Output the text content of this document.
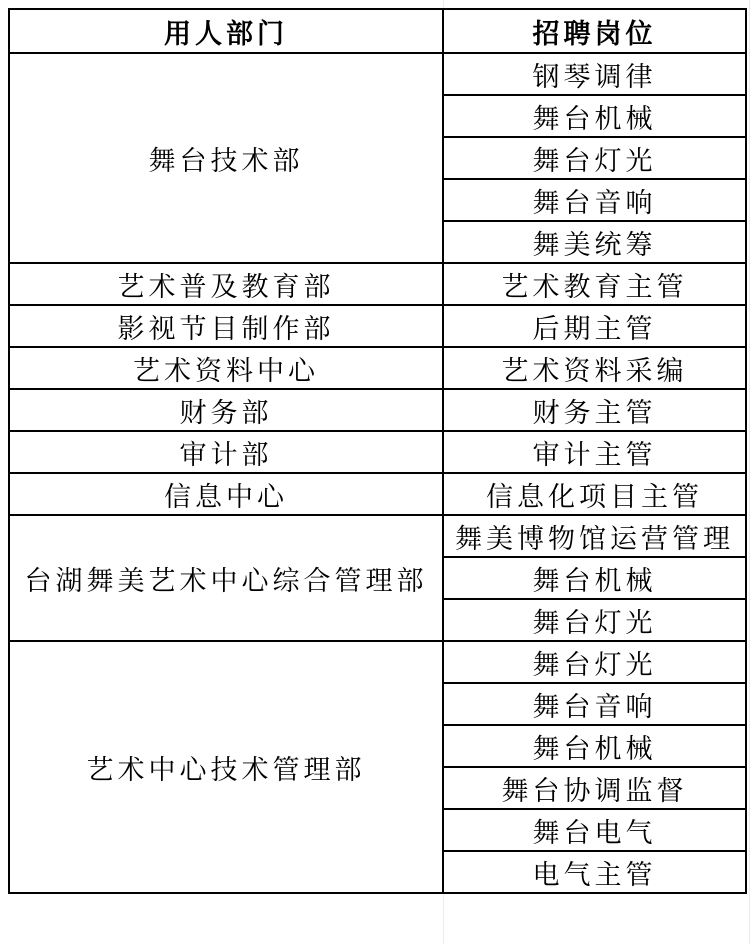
用人部门	招聘岗位
舞台技术部	钢琴调律
	舞台机械
	舞台灯光
	舞台音响
	舞美统筹
艺术普及教育部	艺术教育主管
影视节目制作部	后期主管
艺术资料中心	艺术资料采编
财务部	财务主管
审计部	审计主管
信息中心	信息化项目主管
台湖舞美艺术中心综合管理部	舞美博物馆运营管理
	舞台机械
	舞台灯光
艺术中心技术管理部	舞台灯光
	舞台音响
	舞台机械
	舞台协调监督
	舞台电气
	电气主管
